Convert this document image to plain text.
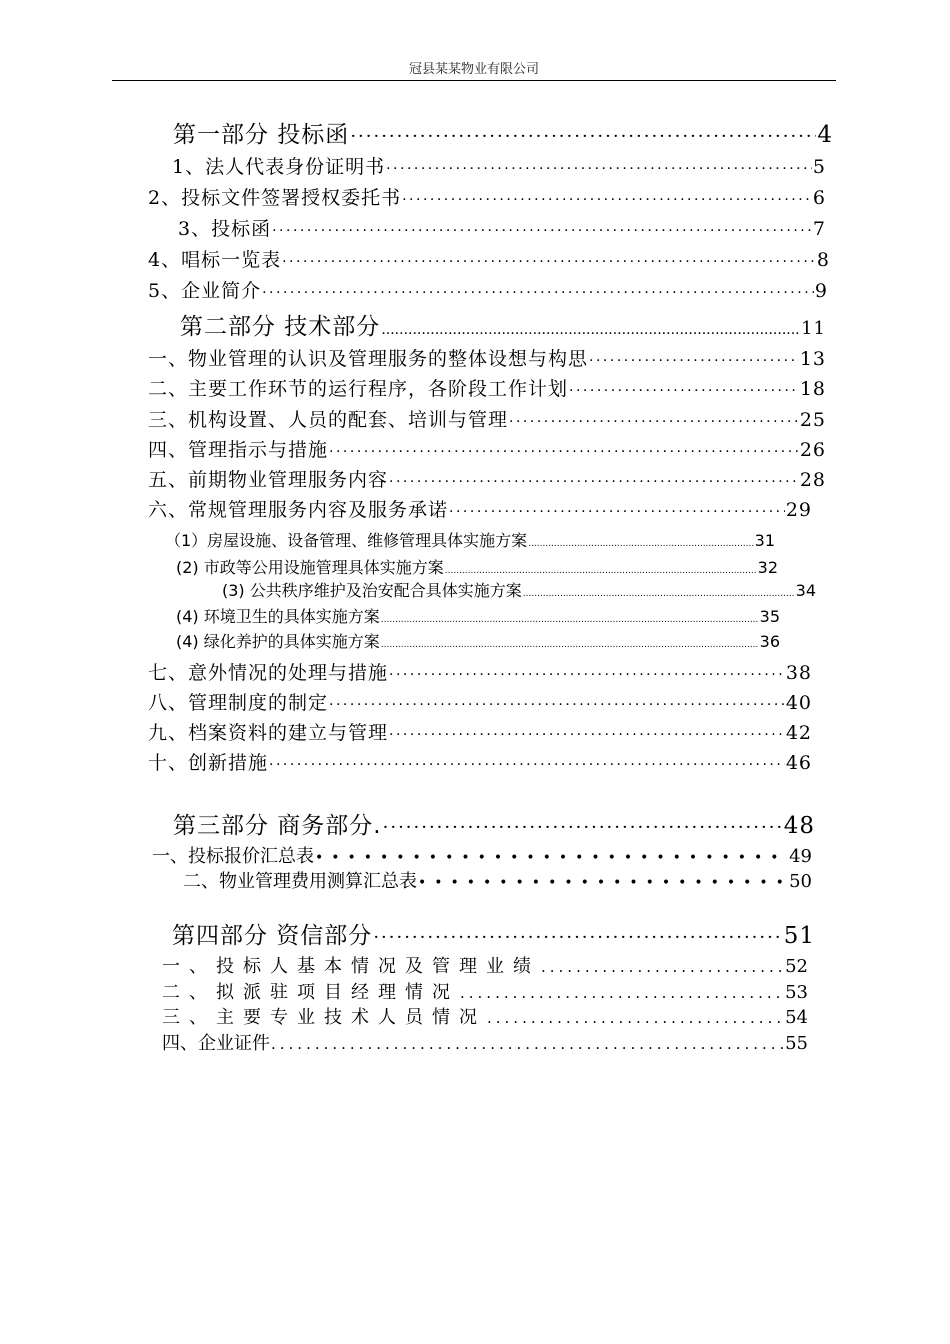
冠县某某物业有限公司
第一部分 投标函 ·····	4
1、法人代表身份证明书 ·····	5
2、投标文件签署授权委托书 ·····	6
3、投标函 ·····	7
4、唱标一览表 ·····	8
5、企业简介 ·····	9
第二部分 技术部分 .....	11
一、物业管理的认识及管理服务的整体设想与构思 ·····	13
二、主要工作环节的运行程序，各阶段工作计划 ·····	18
三、机构设置、人员的配套、培训与管理 ·····	25
四、管理指示与措施 ·····	26
五、前期物业管理服务内容 ·····	28
六、常规管理服务内容及服务承诺 ·····	29
（1）房屋设施、设备管理、维修管理具体实施方案 .....	31
(2) 市政等公用设施管理具体实施方案 .....	32
(3) 公共秩序维护及治安配合具体实施方案 .....	34
(4) 环境卫生的具体实施方案 .....	35
(4) 绿化养护的具体实施方案 .....	36
七、意外情况的处理与措施 ·····	38
八、管理制度的制定 ·····	40
九、档案资料的建立与管理 ·····	42
十、创新措施 ·····	46
第三部分 商务部分. ·····	48
一、投标报价汇总表 •••••	49
二、物业管理费用测算汇总表 •••••	50
第四部分 资信部分 ·····	51
一、投标人基本情况及管理业绩 .....	52
二、拟派驻项目经理情况 .....	53
三、主要专业技术人员情况 .....	54
四、企业证件 .....	55
